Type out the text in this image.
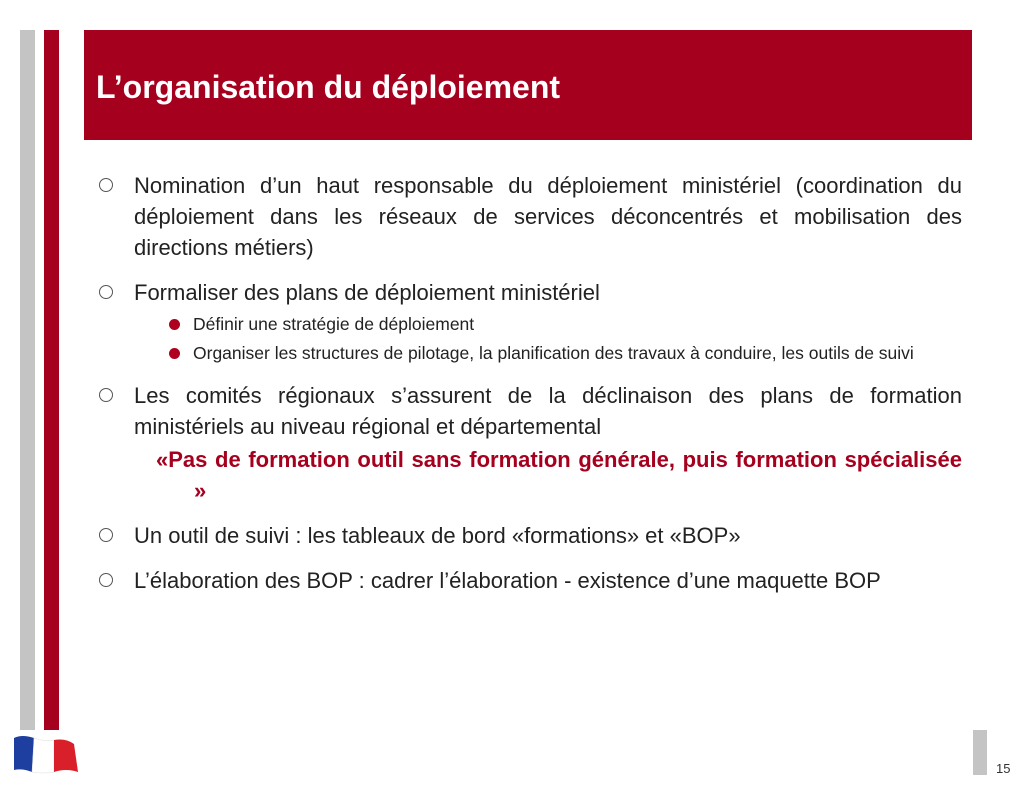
L’organisation du déploiement
Nomination d’un haut responsable du déploiement ministériel (coordination du déploiement dans les réseaux de services déconcentrés et mobilisation des directions métiers)
Formaliser des plans de déploiement ministériel
Définir une stratégie de déploiement
Organiser les structures de pilotage, la planification des travaux à conduire, les outils de suivi
Les comités régionaux s’assurent de la déclinaison des plans de formation ministériels au niveau régional et départemental
«Pas de formation outil sans formation générale, puis formation spécialisée »
Un outil de suivi : les tableaux de bord «formations» et «BOP»
L’élaboration des BOP : cadrer l’élaboration - existence d’une maquette BOP
15
